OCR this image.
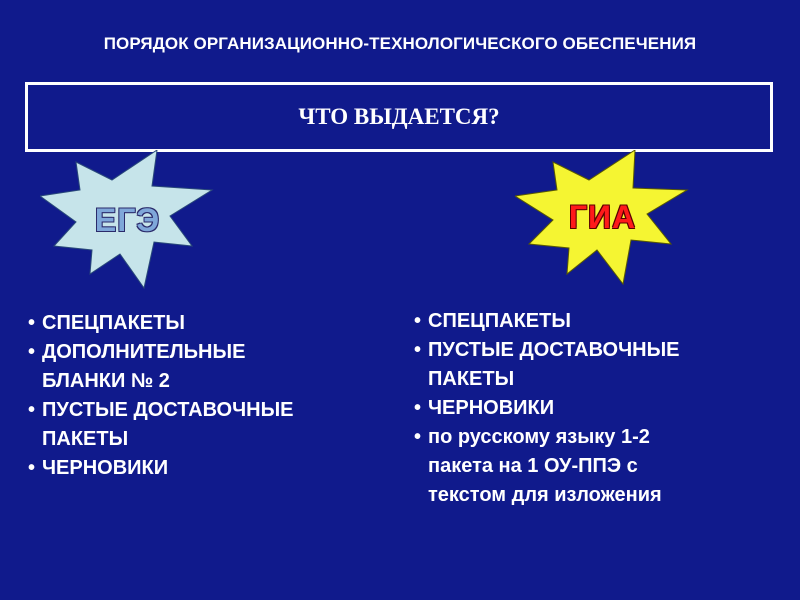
ПОРЯДОК ОРГАНИЗАЦИОННО-ТЕХНОЛОГИЧЕСКОГО ОБЕСПЕЧЕНИЯ
ЧТО ВЫДАЕТСЯ?
ЕГЭ	ГИА
• СПЕЦПАКЕТЫ
• ДОПОЛНИТЕЛЬНЫЕ
БЛАНКИ № 2
• ПУСТЫЕ ДОСТАВОЧНЫЕ
ПАКЕТЫ
• ЧЕРНОВИКИ
• СПЕЦПАКЕТЫ
• ПУСТЫЕ ДОСТАВОЧНЫЕ
ПАКЕТЫ
• ЧЕРНОВИКИ
• по русскому языку 1-2
пакета на 1 ОУ-ППЭ с
текстом для изложения
